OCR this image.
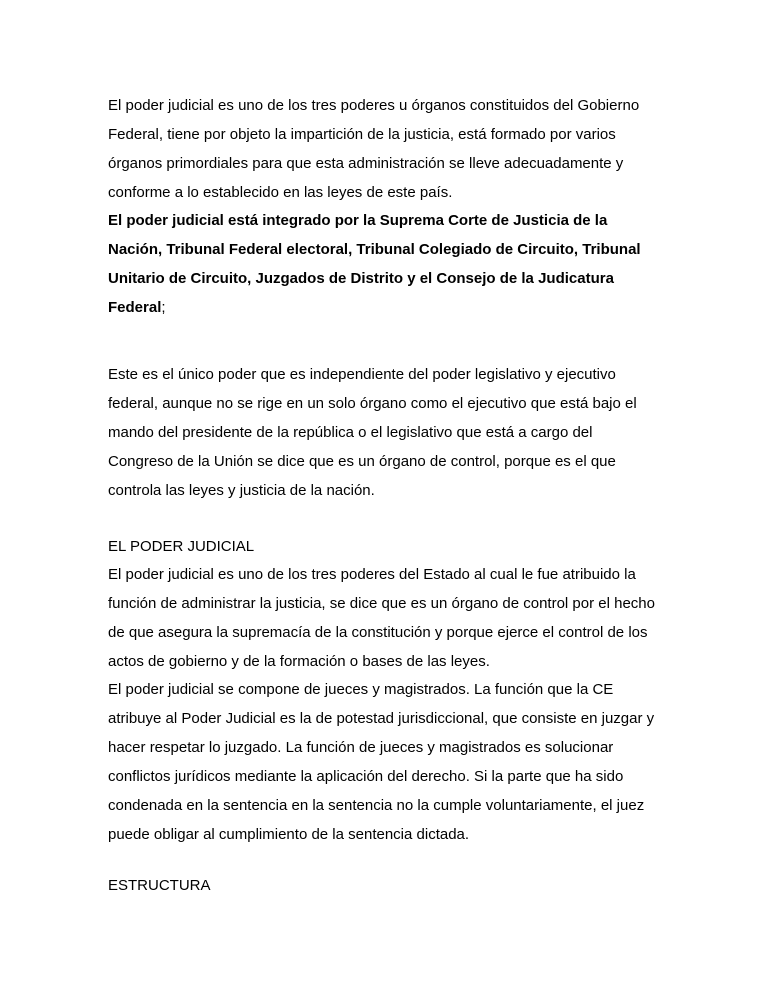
El poder judicial es uno de los tres poderes u órganos constituidos del Gobierno
Federal, tiene por objeto la impartición de la justicia, está formado por varios
órganos primordiales para que esta administración se lleve adecuadamente y
conforme a lo establecido en las leyes de este país.
El poder judicial está integrado por la Suprema Corte de Justicia de la
Nación, Tribunal Federal electoral, Tribunal Colegiado de Circuito, Tribunal
Unitario de Circuito, Juzgados de Distrito y el Consejo de la Judicatura
Federal;
Este es el único poder que es independiente del poder legislativo y ejecutivo
federal, aunque no se rige en un solo órgano como el ejecutivo que está bajo el
mando del presidente de la república o el legislativo que está a cargo del
Congreso de la Unión se dice que es un órgano de control, porque es el que
controla las leyes y justicia de la nación.
EL PODER JUDICIAL
El poder judicial es uno de los tres poderes del Estado al cual le fue atribuido la
función de administrar la justicia, se dice que es un órgano de control por el hecho
de que asegura la supremacía de la constitución y porque ejerce el control de los
actos de gobierno y de la formación o bases de las leyes.
El poder judicial se compone de jueces y magistrados. La función que la CE
atribuye al Poder Judicial es la de potestad jurisdiccional, que consiste en juzgar y
hacer respetar lo juzgado. La función de jueces y magistrados es solucionar
conflictos jurídicos mediante la aplicación del derecho. Si la parte que ha sido
condenada en la sentencia en la sentencia no la cumple voluntariamente, el juez
puede obligar al cumplimiento de la sentencia dictada.
ESTRUCTURA
